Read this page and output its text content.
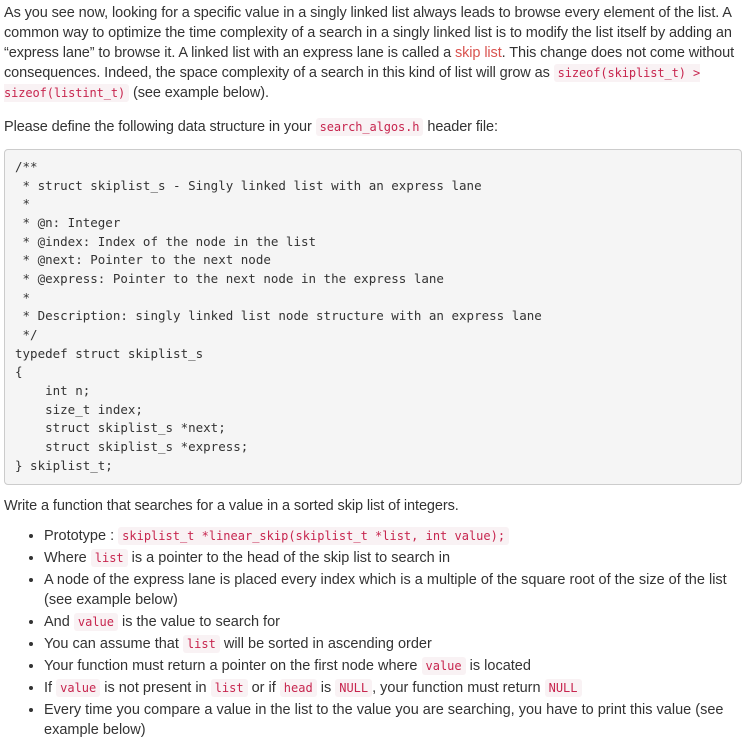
As you see now, looking for a specific value in a singly linked list always leads to browse every element of the list. A common way to optimize the time complexity of a search in a singly linked list is to modify the list itself by adding an “express lane” to browse it. A linked list with an express lane is called a skip list. This change does not come without consequences. Indeed, the space complexity of a search in this kind of list will grow as sizeof(skiplist_t) > sizeof(listint_t) (see example below).

Please define the following data structure in your search_algos.h header file:

/**
* struct skiplist_s - Singly linked list with an express lane
*
* @n: Integer
* @index: Index of the node in the list
* @next: Pointer to the next node
* @express: Pointer to the next node in the express lane
*
* Description: singly linked list node structure with an express lane
*/
typedef struct skiplist_s
{
int n;
size_t index;
struct skiplist_s *next;
struct skiplist_s *express;
} skiplist_t;

Write a function that searches for a value in a sorted skip list of integers.

• Prototype : skiplist_t *linear_skip(skiplist_t *list, int value);
• Where list is a pointer to the head of the skip list to search in
• A node of the express lane is placed every index which is a multiple of the square root of the size of the list (see example below)
• And value is the value to search for
• You can assume that list will be sorted in ascending order
• Your function must return a pointer on the first node where value is located
• If value is not present in list or if head is NULL , your function must return NULL
• Every time you compare a value in the list to the value you are searching, you have to print this value (see example below)
